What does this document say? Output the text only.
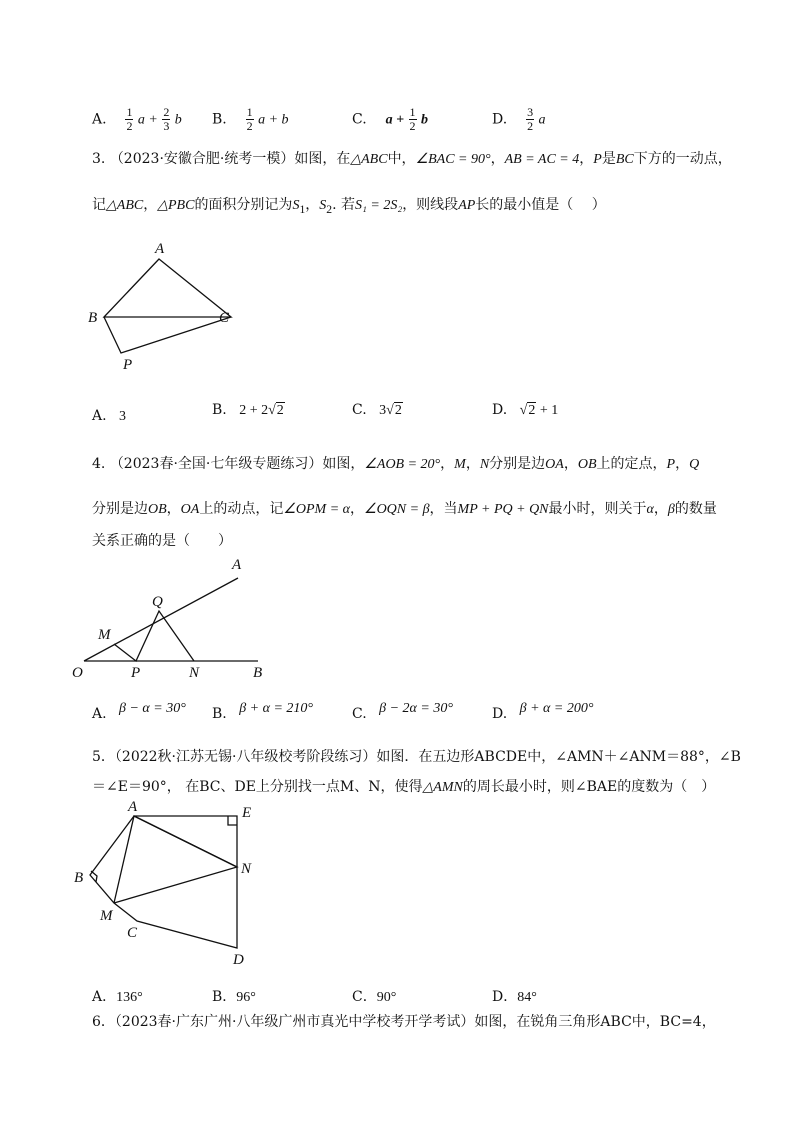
A. $\frac{1}{2}$ $a + \frac{2}{3}$ b B. $\frac{1}{2}$ a + b	C. $a + \frac{1}{2}$ b	D. $\frac{3}{2}$ a
3. （2023·安徽合肥·统考一模）如图，在△ABC中，∠BAC = 90°，AB = AC = 4，P是BC下方的一动点，
记△ABC，△PBC的面积分别记为$S_1$，$S_2$. 若S₁ = 2S₂，则线段AP长的最小值是（　 ）
A
B	C
P
A. 3	B. 2 + 2√2	C. 3√2	D. √2 + 1
4. （2023春·全国·七年级专题练习）如图，∠AOB = 20°，M，N分别是边OA，OB上的定点，P，Q
分别是边OB，OA上的动点，记∠OPM = α，∠OQN = β，当MP + PQ + QN最小时，则关于α，β的数量
关系正确的是（　　）
A
Q
M
O	P	N	B
A. β − α = 30° B. β + α = 210°	C. β − 2α = 30°	D. β + α = 200°
5．（2022秋·江苏无锡·八年级校考阶段练习）如图．在五边形ABCDE中，∠AMN＋∠ANM＝88°，∠B
＝∠E＝90°， 在BC、DE上分别找一点M、N，使得△AMN的周长最小时，则∠BAE的度数为（　）
A	E
B
N
M
C
D
A．136°	B．96°	C．90°	D．84°
6．（2023春·广东广州·八年级广州市真光中学校考开学考试）如图，在锐角三角形ABC中，BC=4，
